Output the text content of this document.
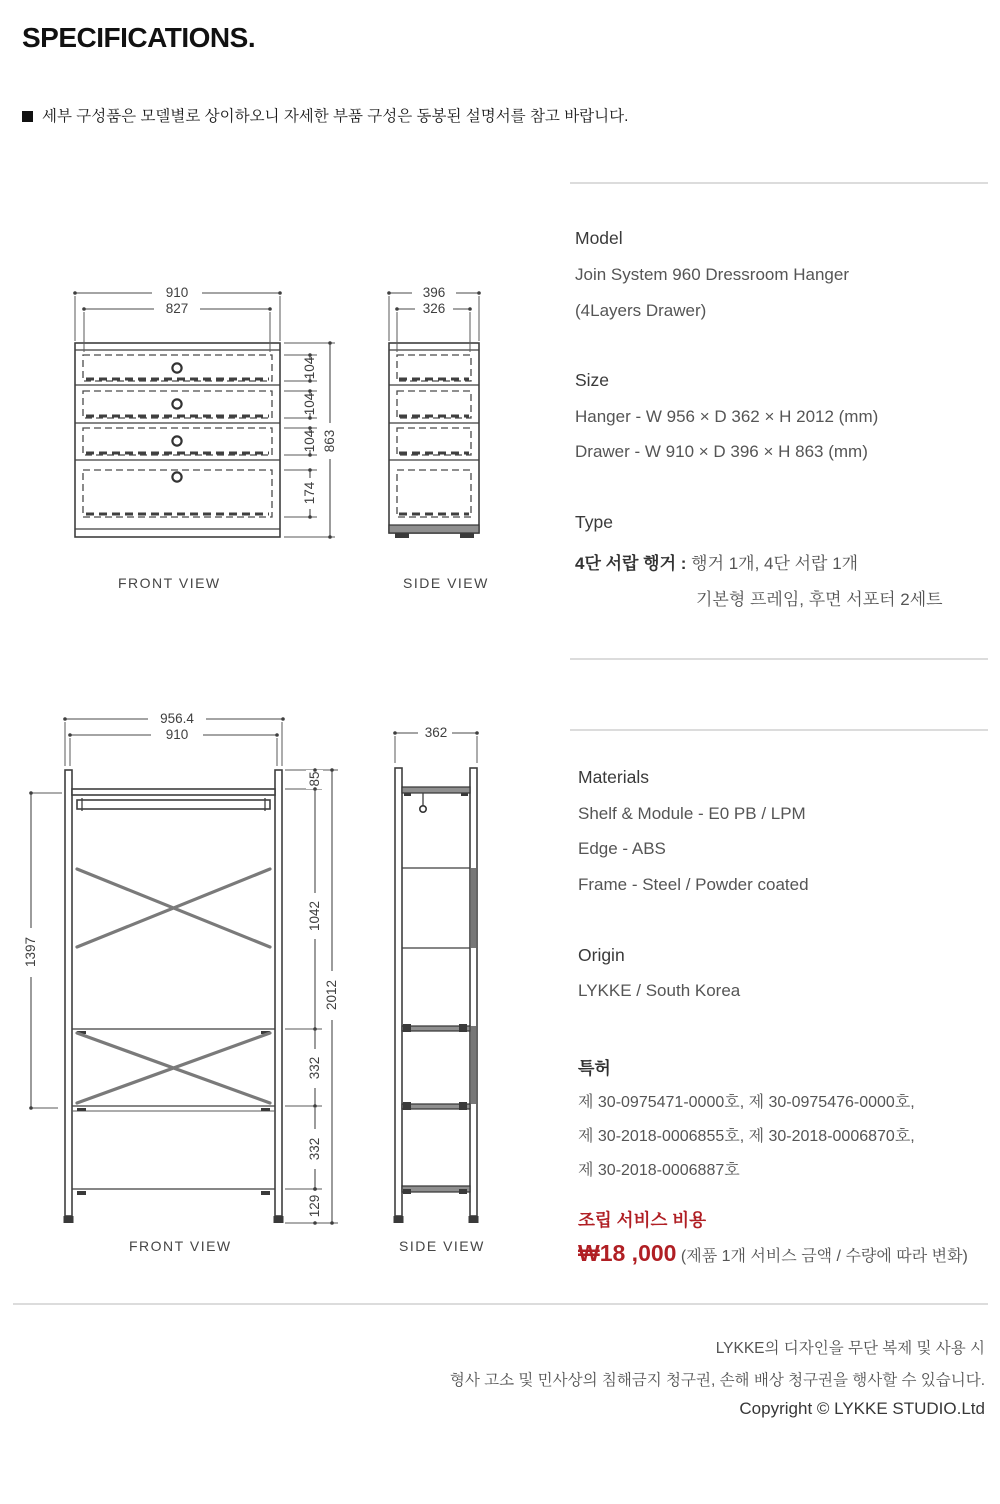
SPECIFICATIONS.
세부 구성품은 모델별로 상이하오니 자세한 부품 구성은 동봉된 설명서를 참고 바랍니다.
910
827
104
104
104
174
863
396
326
956.4
910
1397
85
1042
332
332
129
2012
362
FRONT VIEW	SIDE VIEW
FRONT VIEW	SIDE VIEW
Model
Join System 960 Dressroom Hanger
(4Layers Drawer)
Size
Hanger - W 956 × D 362 × H 2012 (mm)
Drawer - W 910 × D 396 × H 863 (mm)
Type
4단 서랍 행거 : 행거 1개, 4단 서랍 1개
기본형 프레임, 후면 서포터 2세트
Materials
Shelf & Module - E0 PB / LPM
Edge - ABS
Frame - Steel / Powder coated
Origin
LYKKE / South Korea
특허
제 30-0975471-0000호, 제 30-0975476-0000호,
제 30-2018-0006855호, 제 30-2018-0006870호,
제 30-2018-0006887호
조립 서비스 비용
₩18 ,000 (제품 1개 서비스 금액 / 수량에 따라 변화)
LYKKE의 디자인을 무단 복제 및 사용 시
형사 고소 및 민사상의 침해금지 청구권, 손해 배상 청구권을 행사할 수 있습니다.
Copyright © LYKKE STUDIO.Ltd
